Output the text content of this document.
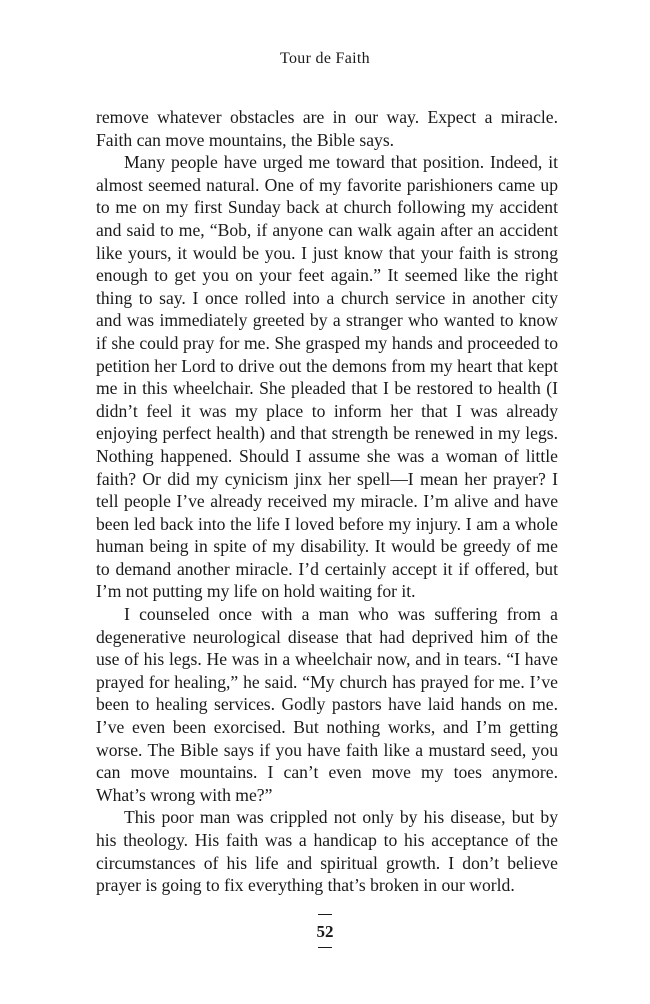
Tour de Faith

remove whatever obstacles are in our way. Expect a miracle. Faith can move mountains, the Bible says.

Many people have urged me toward that position. Indeed, it almost seemed natural. One of my favorite parishioners came up to me on my first Sunday back at church following my accident and said to me, “Bob, if anyone can walk again after an accident like yours, it would be you. I just know that your faith is strong enough to get you on your feet again.” It seemed like the right thing to say. I once rolled into a church service in another city and was immediately greeted by a stranger who wanted to know if she could pray for me. She grasped my hands and proceeded to petition her Lord to drive out the demons from my heart that kept me in this wheelchair. She pleaded that I be restored to health (I didn’t feel it was my place to inform her that I was already enjoying perfect health) and that strength be renewed in my legs. Nothing happened. Should I assume she was a woman of little faith? Or did my cynicism jinx her spell—I mean her prayer? I tell people I’ve already received my miracle. I’m alive and have been led back into the life I loved before my injury. I am a whole human being in spite of my disability. It would be greedy of me to demand another miracle. I’d certainly accept it if offered, but I’m not putting my life on hold waiting for it.

I counseled once with a man who was suffering from a degenerative neurological disease that had deprived him of the use of his legs. He was in a wheelchair now, and in tears. “I have prayed for healing,” he said. “My church has prayed for me. I’ve been to healing services. Godly pastors have laid hands on me. I’ve even been exorcised. But nothing works, and I’m getting worse. The Bible says if you have faith like a mustard seed, you can move mountains. I can’t even move my toes anymore. What’s wrong with me?”

This poor man was crippled not only by his disease, but by his theology. His faith was a handicap to his acceptance of the circumstances of his life and spiritual growth. I don’t believe prayer is going to fix everything that’s broken in our world.

52
